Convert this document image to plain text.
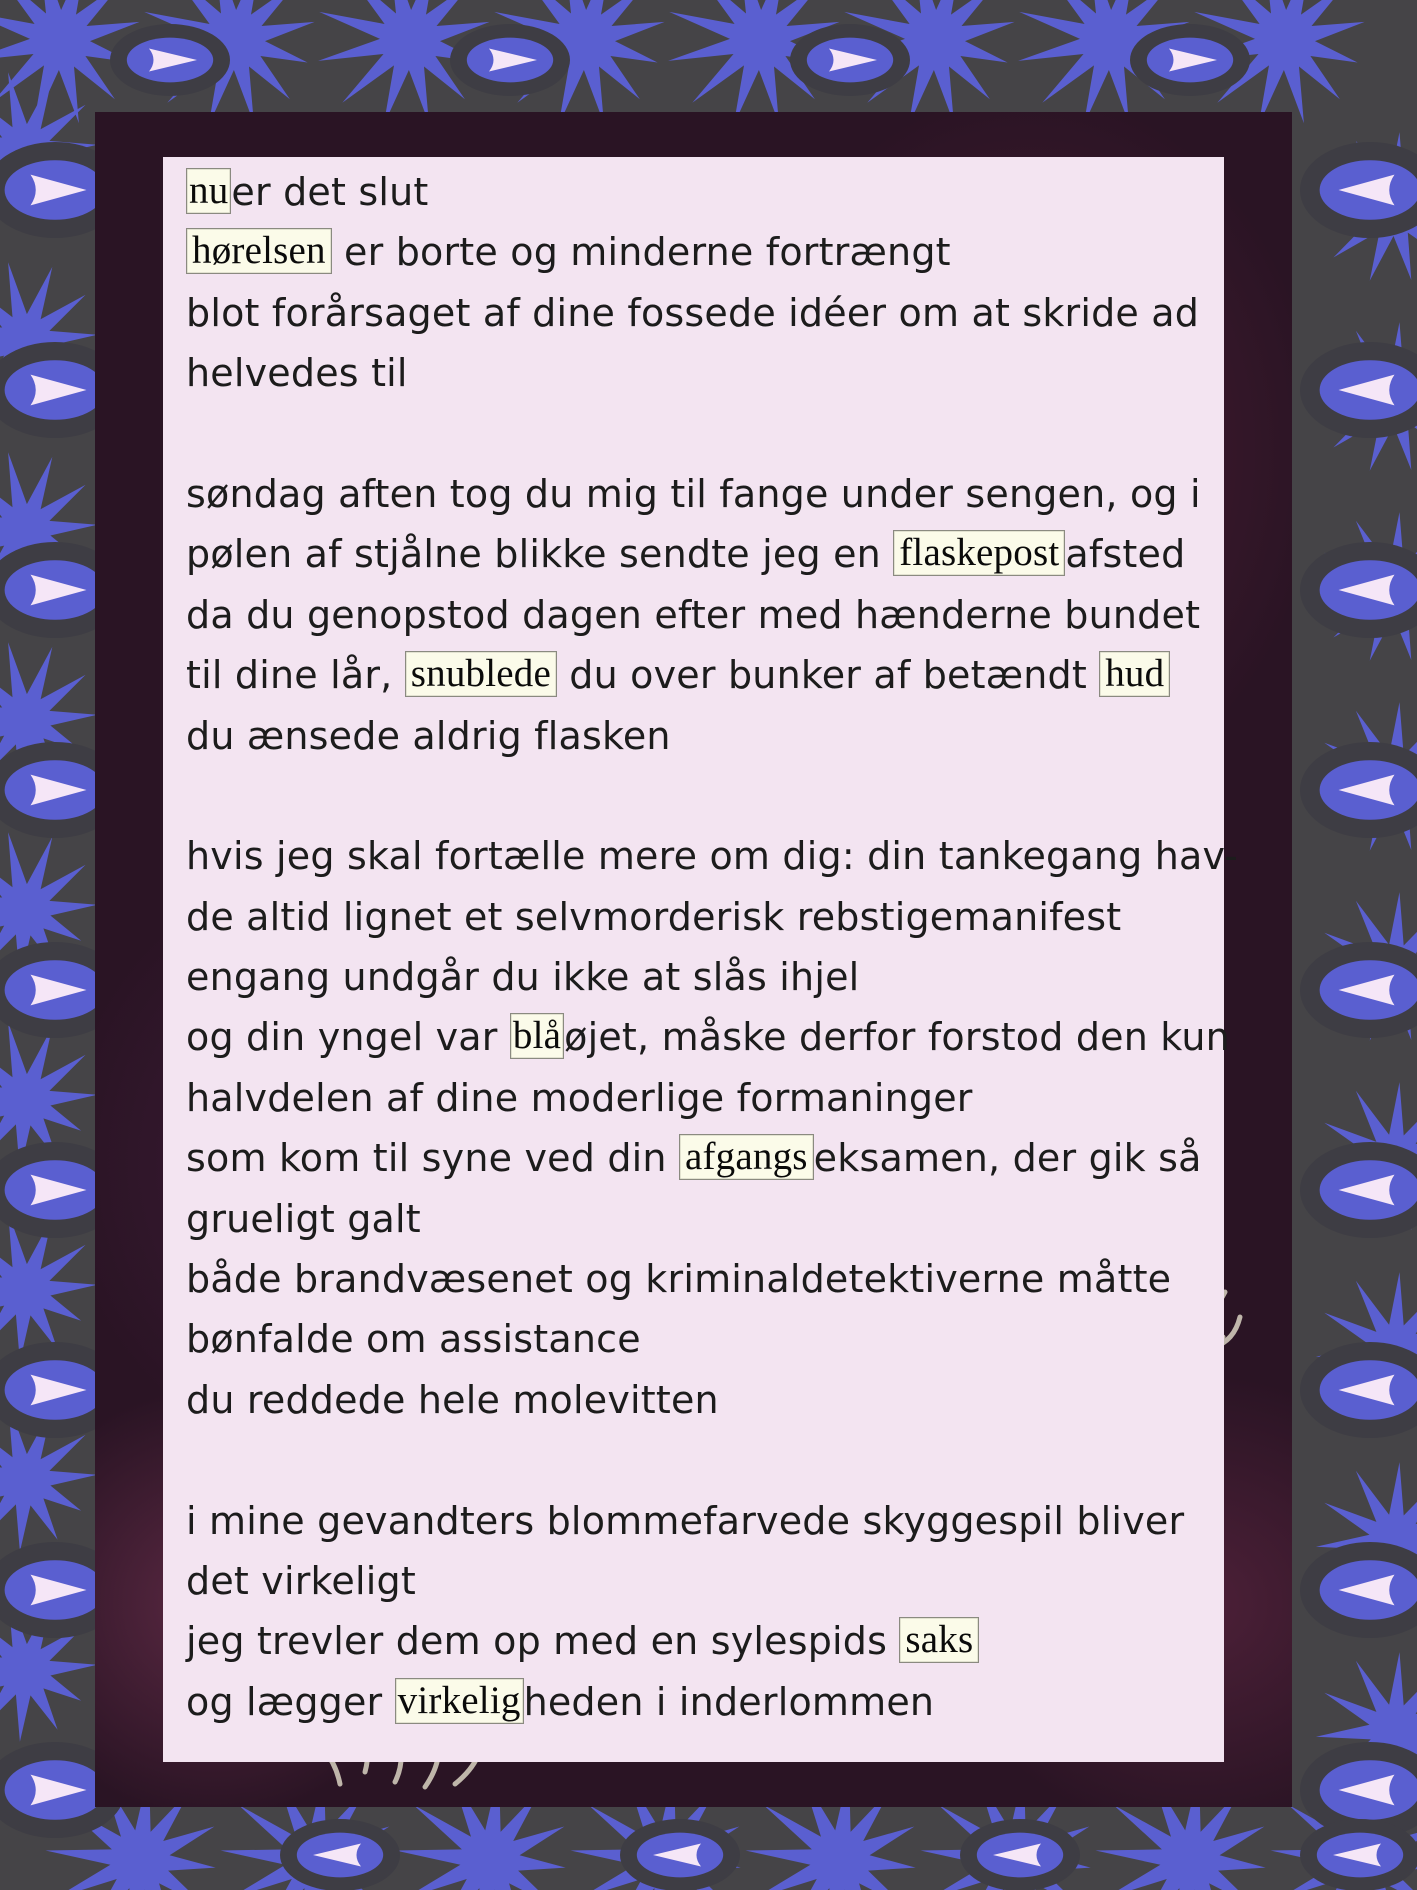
nuer det slut
hørelsen er borte og minderne fortrængt
blot forårsaget af dine fossede idéer om at skride ad
helvedes til
søndag aften tog du mig til fange under sengen, og i
pølen af stjålne blikke sendte jeg en flaskepost afsted
da du genopstod dagen efter med hænderne bundet
til dine lår, snublede du over bunker af betændt hud
du ænsede aldrig flasken
hvis jeg skal fortælle mere om dig: din tankegang hav-
de altid lignet et selvmorderisk rebstigemanifest
engang undgår du ikke at slås ihjel
og din yngel var blåøjet, måske derfor forstod den kun
halvdelen af dine moderlige formaninger
som kom til syne ved din afgangs eksamen, der gik så
grueligt galt
både brandvæsenet og kriminaldetektiverne måtte
bønfalde om assistance
du reddede hele molevitten
i mine gevandters blommefarvede skyggespil bliver
det virkeligt
jeg trevler dem op med en sylespids saks
og lægger virkeligheden i inderlommen
